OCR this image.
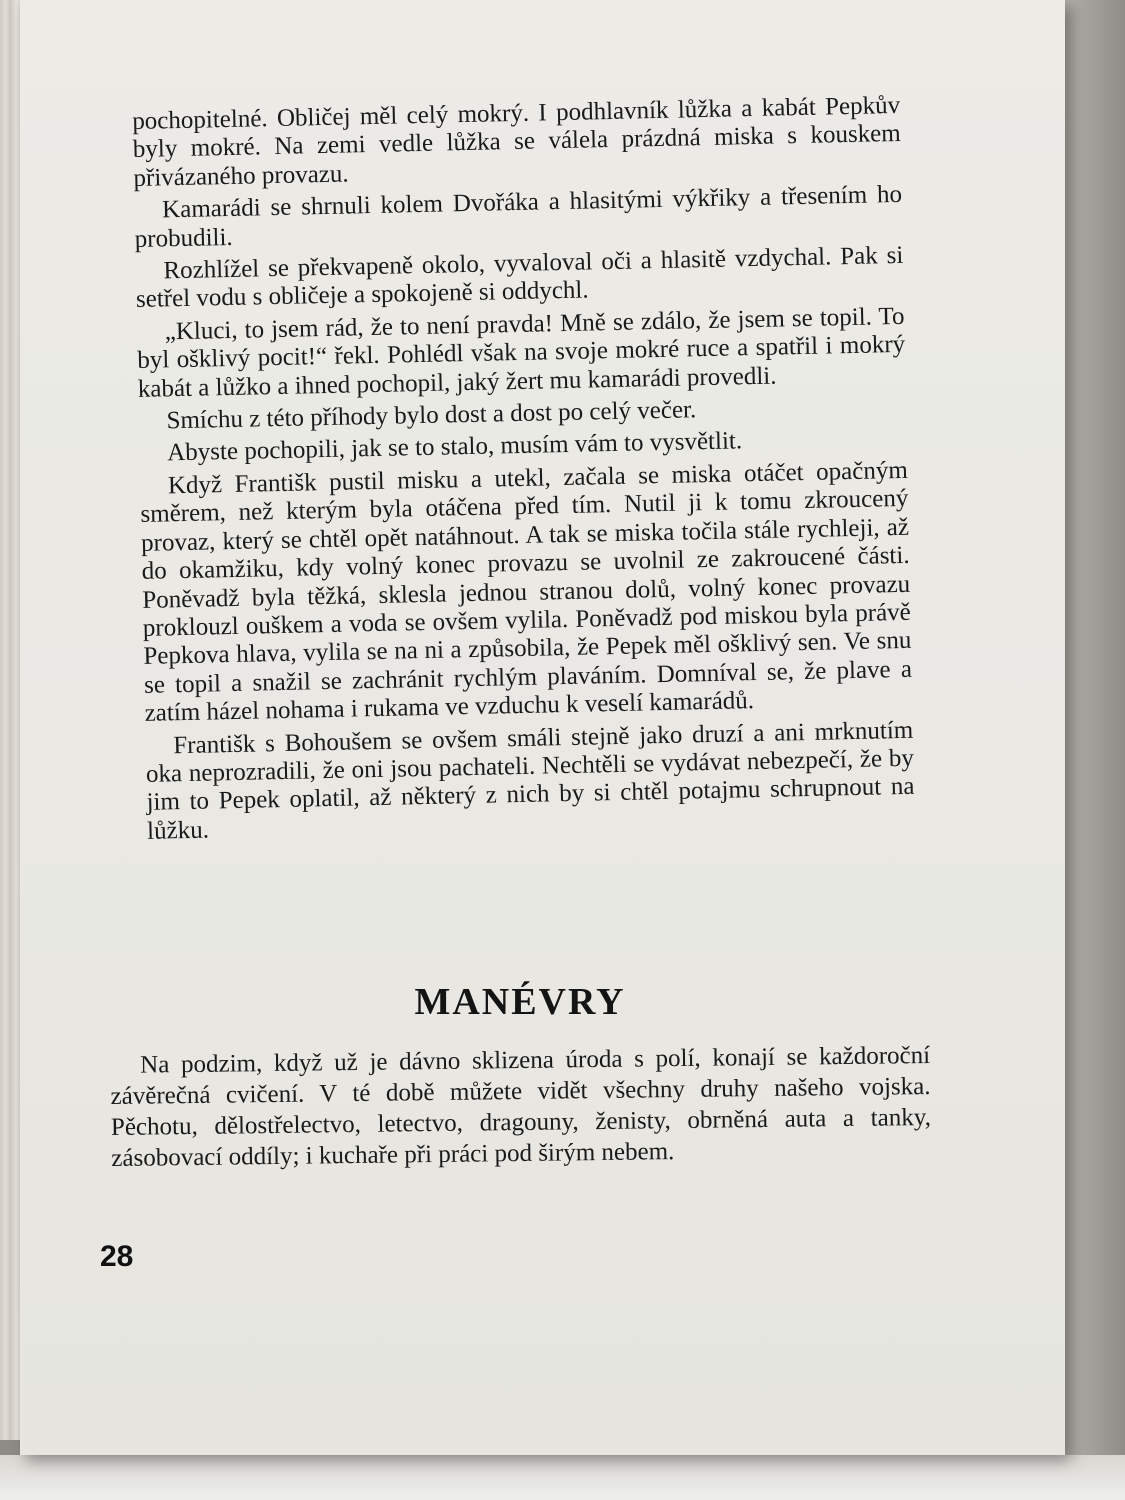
pochopitelné. Obličej měl celý mokrý. I podhlavník lůžka a kabát Pepkův byly mokré. Na zemi vedle lůžka se válela prázdná miska s kouskem přivázaného provazu.

Kamarádi se shrnuli kolem Dvořáka a hlasitými výkřiky a třesením ho probudili.

Rozhlížel se překvapeně okolo, vyvaloval oči a hlasitě vzdychal. Pak si setřel vodu s obličeje a spokojeně si oddychl.

„Kluci, to jsem rád, že to není pravda! Mně se zdálo, že jsem se topil. To byl ošklivý pocit!“ řekl. Pohlédl však na svoje mokré ruce a spatřil i mokrý kabát a lůžko a ihned pochopil, jaký žert mu kamarádi provedli.

Smíchu z této příhody bylo dost a dost po celý večer.

Abyste pochopili, jak se to stalo, musím vám to vysvětlit.

Když Františk pustil misku a utekl, začala se miska otáčet opačným směrem, než kterým byla otáčena před tím. Nutil ji k tomu zkroucený provaz, který se chtěl opět natáhnout. A tak se miska točila stále rychleji, až do okamžiku, kdy volný konec provazu se uvolnil ze zakroucené části. Poněvadž byla těžká, sklesla jednou stranou dolů, volný konec provazu proklouzl ouškem a voda se ovšem vylila. Poněvadž pod miskou byla právě Pepkova hlava, vylila se na ni a způsobila, že Pepek měl ošklivý sen. Ve snu se topil a snažil se zachránit rychlým plaváním. Domníval se, že plave a zatím házel nohama i rukama ve vzduchu k veselí kamarádů.

Františk s Bohoušem se ovšem smáli stejně jako druzí a ani mrknutím oka neprozradili, že oni jsou pachateli. Nechtěli se vydávat nebezpečí, že by jim to Pepek oplatil, až některý z nich by si chtěl potajmu schrupnout na lůžku.

MANÉVRY

Na podzim, když už je dávno sklizena úroda s polí, konají se každoroční závěrečná cvičení. V té době můžete vidět všechny druhy našeho vojska. Pěchotu, dělostřelectvo, letectvo, dragouny, ženisty, obrněná auta a tanky, zásobovací oddíly; i kuchaře při práci pod širým nebem.

28
